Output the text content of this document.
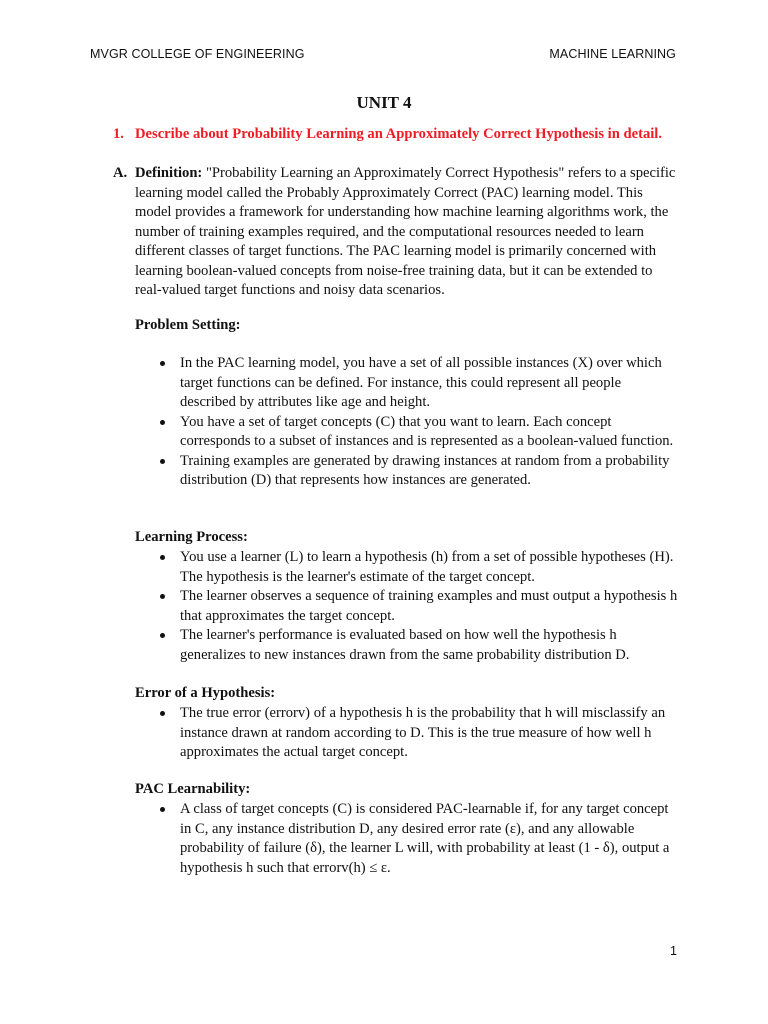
MVGR COLLEGE OF ENGINEERING	MACHINE LEARNING
UNIT 4
1. Describe about Probability Learning an Approximately Correct Hypothesis in detail.
A. Definition: "Probability Learning an Approximately Correct Hypothesis" refers to a specific learning model called the Probably Approximately Correct (PAC) learning model. This model provides a framework for understanding how machine learning algorithms work, the number of training examples required, and the computational resources needed to learn different classes of target functions. The PAC learning model is primarily concerned with learning boolean-valued concepts from noise-free training data, but it can be extended to real-valued target functions and noisy data scenarios.
Problem Setting:
In the PAC learning model, you have a set of all possible instances (X) over which target functions can be defined. For instance, this could represent all people described by attributes like age and height.
You have a set of target concepts (C) that you want to learn. Each concept corresponds to a subset of instances and is represented as a boolean-valued function.
Training examples are generated by drawing instances at random from a probability distribution (D) that represents how instances are generated.
Learning Process:
You use a learner (L) to learn a hypothesis (h) from a set of possible hypotheses (H). The hypothesis is the learner's estimate of the target concept.
The learner observes a sequence of training examples and must output a hypothesis h that approximates the target concept.
The learner's performance is evaluated based on how well the hypothesis h generalizes to new instances drawn from the same probability distribution D.
Error of a Hypothesis:
The true error (errorv) of a hypothesis h is the probability that h will misclassify an instance drawn at random according to D. This is the true measure of how well h approximates the actual target concept.
PAC Learnability:
A class of target concepts (C) is considered PAC-learnable if, for any target concept in C, any instance distribution D, any desired error rate (ε), and any allowable probability of failure (δ), the learner L will, with probability at least (1 - δ), output a hypothesis h such that errorv(h) ≤ ε.
1
